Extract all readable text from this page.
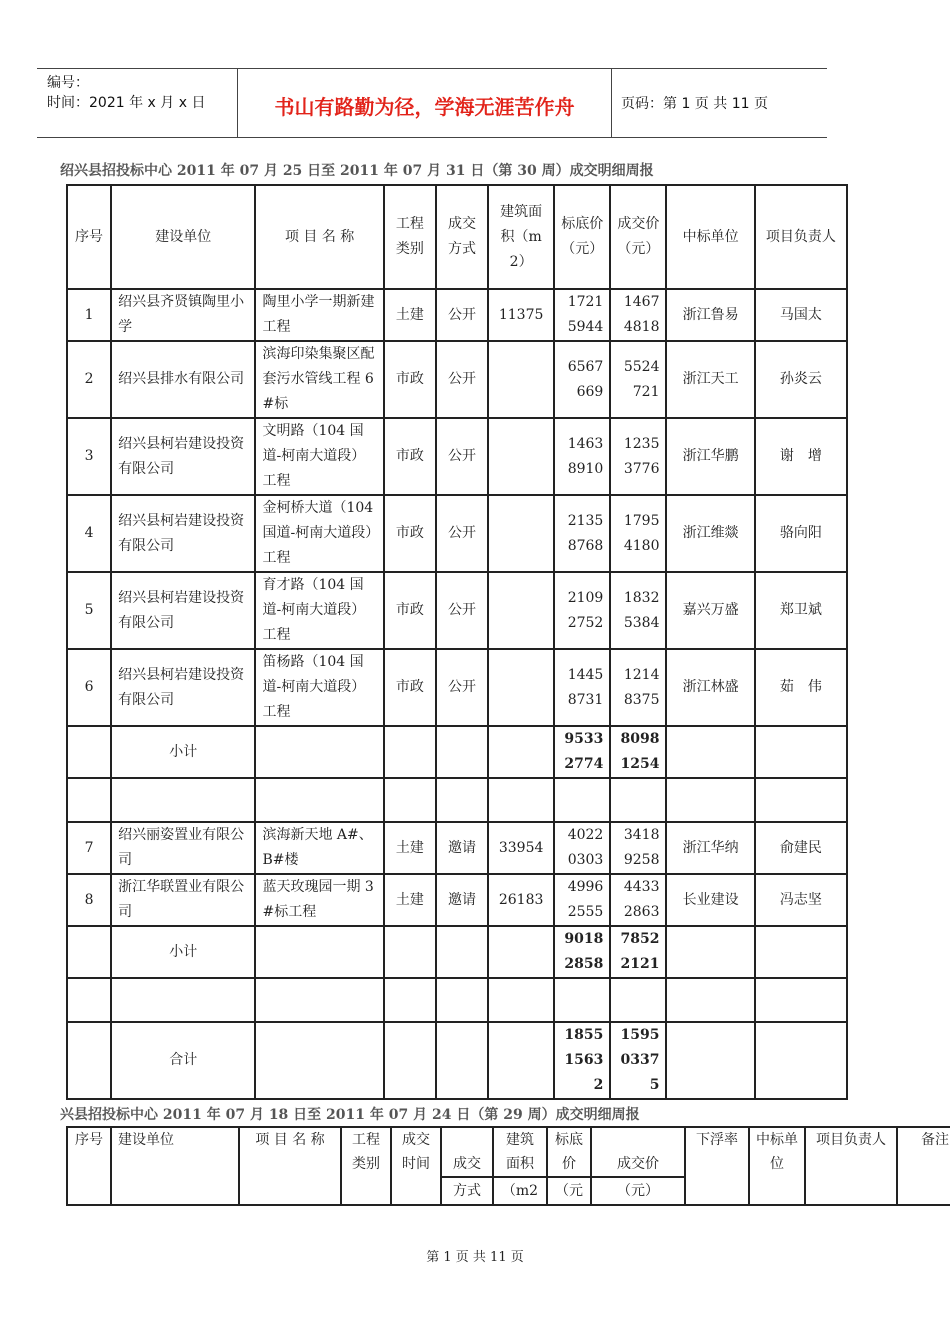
编号：
时间：2021 年 x 月 x 日	书山有路勤为径，学海无涯苦作舟	页码：第 1 页 共 11 页
绍兴县招投标中心 2011 年 07 月 25 日至 2011 年 07 月 31 日（第 30 周）成交明细周报
序号	建设单位	项 目 名 称	工程类别	成交方式	建筑面积（m2）	标底价（元）	成交价（元）	中标单位	项目负责人
1	绍兴县齐贤镇陶里小学	陶里小学一期新建工程	土建	公开	11375	17215944	14674818	浙江鲁易	马国太
2	绍兴县排水有限公司	滨海印染集聚区配套污水管线工程 6#标	市政	公开		6567669	5524721	浙江天工	孙炎云
3	绍兴县柯岩建设投资有限公司	文明路（104 国道-柯南大道段）工程	市政	公开		14638910	12353776	浙江华鹏	谢　增
4	绍兴县柯岩建设投资有限公司	金柯桥大道（104 国道-柯南大道段）工程	市政	公开		21358768	17954180	浙江维燚	骆向阳
5	绍兴县柯岩建设投资有限公司	育才路（104 国道-柯南大道段）工程	市政	公开		21092752	18325384	嘉兴万盛	郑卫斌
6	绍兴县柯岩建设投资有限公司	笛杨路（104 国道-柯南大道段）工程	市政	公开		14458731	12148375	浙江林盛	茹　伟
	小计					95332774	80981254		

7	绍兴丽姿置业有限公司	滨海新天地 A#、B#楼	土建	邀请	33954	40220303	34189258	浙江华纳	俞建民
8	浙江华联置业有限公司	蓝天玫瑰园一期 3#标工程	土建	邀请	26183	49962555	44332863	长业建设	冯志坚
	小计					90182858	78522121		

	合计					185515632	159503375		
兴县招投标中心 2011 年 07 月 18 日至 2011 年 07 月 24 日（第 29 周）成交明细周报
序号	建设单位	项 目 名 称	工程类别	成交时间	成交	建筑面积	标底价	成交价	下浮率	中标单位	项目负责人	备注
					方式	（m2	（元	（元）				
第 1 页 共 11 页
